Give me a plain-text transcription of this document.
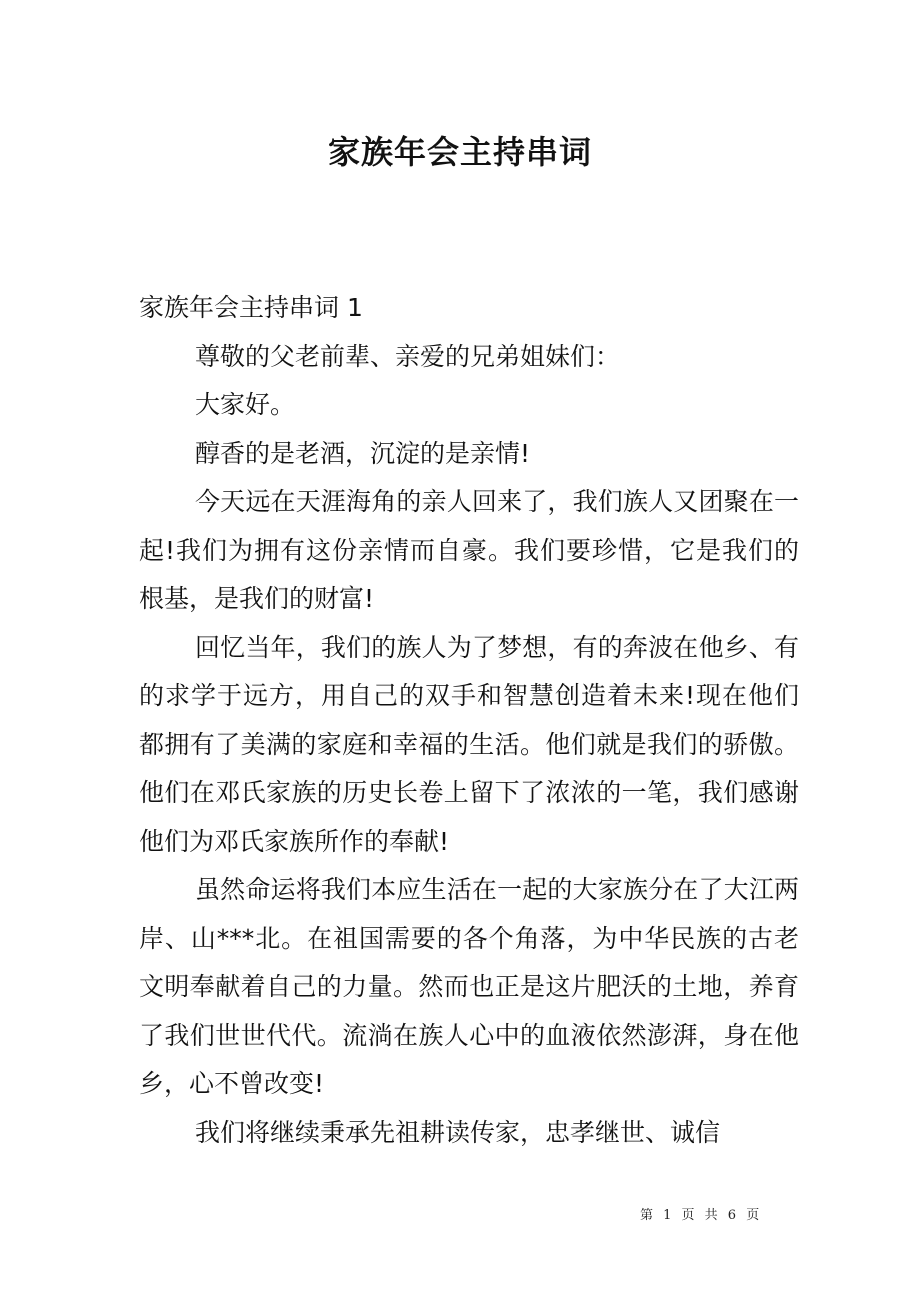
家族年会主持串词

家族年会主持串词 1

尊敬的父老前辈、亲爱的兄弟姐妹们：

大家好。

醇香的是老酒，沉淀的是亲情!

今天远在天涯海角的亲人回来了，我们族人又团聚在一起!我们为拥有这份亲情而自豪。我们要珍惜，它是我们的根基，是我们的财富!

回忆当年，我们的族人为了梦想，有的奔波在他乡、有的求学于远方，用自己的双手和智慧创造着未来!现在他们都拥有了美满的家庭和幸福的生活。他们就是我们的骄傲。他们在邓氏家族的历史长卷上留下了浓浓的一笔，我们感谢他们为邓氏家族所作的奉献!

虽然命运将我们本应生活在一起的大家族分在了大江两岸、山***北。在祖国需要的各个角落，为中华民族的古老文明奉献着自己的力量。然而也正是这片肥沃的土地，养育了我们世世代代。流淌在族人心中的血液依然澎湃，身在他乡，心不曾改变!

我们将继续秉承先祖耕读传家，忠孝继世、诚信

第 1 页 共 6 页
